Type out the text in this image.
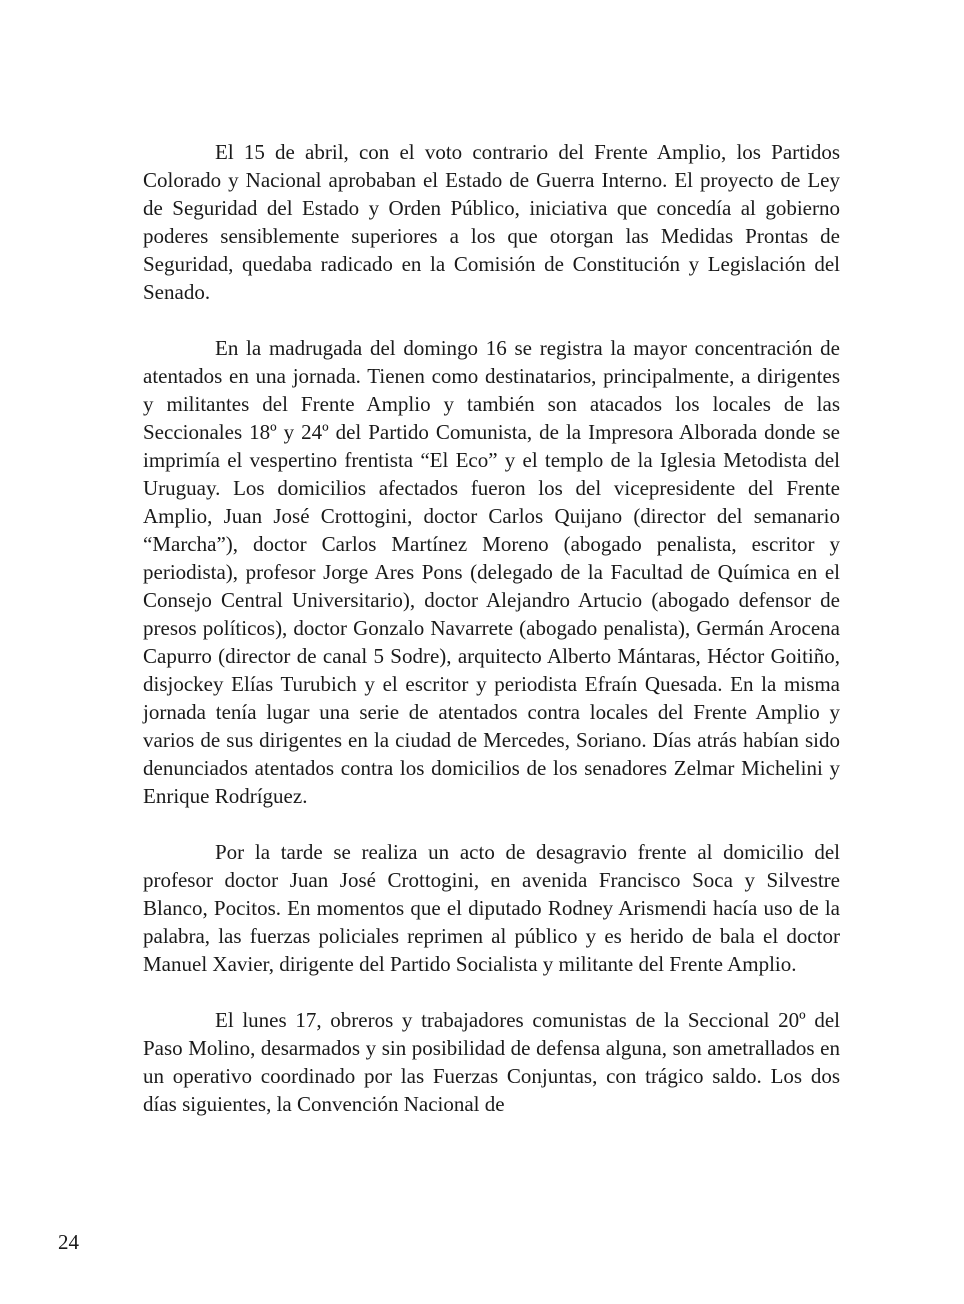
El 15 de abril, con el voto contrario del Frente Amplio, los Partidos Colorado y Nacional aprobaban el Estado de Guerra Interno. El proyecto de Ley de Seguridad del Estado y Orden Público, iniciativa que concedía al gobierno poderes sensiblemente superiores a los que otorgan las Medidas Prontas de Seguridad, quedaba radicado en la Comisión de Constitución y Legislación del Senado.

En la madrugada del domingo 16 se registra la mayor concentración de atentados en una jornada. Tienen como destinatarios, principalmente, a dirigentes y militantes del Frente Amplio y también son atacados los locales de las Seccionales 18º y 24º del Partido Comunista, de la Impresora Alborada donde se imprimía el vespertino frentista “El Eco” y el templo de la Iglesia Metodista del Uruguay. Los domicilios afectados fueron los del vicepresidente del Frente Amplio, Juan José Crottogini, doctor Carlos Quijano (director del semanario “Marcha”), doctor Carlos Martínez Moreno (abogado penalista, escritor y periodista), profesor Jorge Ares Pons (delegado de la Facultad de Química en el Consejo Central Universitario), doctor Alejandro Artucio (abogado defensor de presos políticos), doctor Gonzalo Navarrete (abogado penalista), Germán Arocena Capurro (director de canal 5 Sodre), arquitecto Alberto Mántaras, Héctor Goitiño, disjockey Elías Turubich y el escritor y periodista Efraín Quesada. En la misma jornada tenía lugar una serie de atentados contra locales del Frente Amplio y varios de sus dirigentes en la ciudad de Mercedes, Soriano. Días atrás habían sido denunciados atentados contra los domicilios de los senadores Zelmar Michelini y Enrique Rodríguez.

Por la tarde se realiza un acto de desagravio frente al domicilio del profesor doctor Juan José Crottogini, en avenida Francisco Soca y Silvestre Blanco, Pocitos. En momentos que el diputado Rodney Arismendi hacía uso de la palabra, las fuerzas policiales reprimen al público y es herido de bala el doctor Manuel Xavier, dirigente del Partido Socialista y militante del Frente Amplio.

El lunes 17, obreros y trabajadores comunistas de la Seccional 20º del Paso Molino, desarmados y sin posibilidad de defensa alguna, son ametrallados en un operativo coordinado por las Fuerzas Conjuntas, con trágico saldo. Los dos días siguientes, la Convención Nacional de

24
